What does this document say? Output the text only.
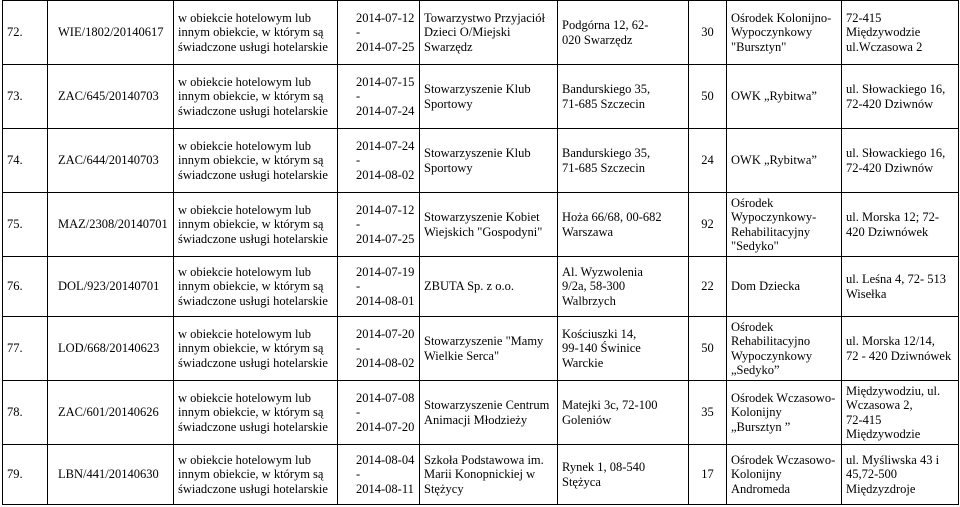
72.	WIE/1802/20140617	w obiekcie hotelowym lub
innym obiekcie, w którym są
świadczone usługi hotelarskie	2014-07-12 -
2014-07-25	Towarzystwo Przyjaciół
Dzieci O/Miejski
Swarzędz	Podgórna 12, 62-
020 Swarzędz	30	Ośrodek Kolonijno-
Wypoczynkowy
"Bursztyn"	72-415
Międzywodzie
ul.Wczasowa 2
73.	ZAC/645/20140703	w obiekcie hotelowym lub
innym obiekcie, w którym są
świadczone usługi hotelarskie	2014-07-15 -
2014-07-24	Stowarzyszenie Klub
Sportowy	Bandurskiego 35,
71-685 Szczecin	50	OWK „Rybitwa”	ul. Słowackiego 16,
72-420 Dziwnów
74.	ZAC/644/20140703	w obiekcie hotelowym lub
innym obiekcie, w którym są
świadczone usługi hotelarskie	2014-07-24 -
2014-08-02	Stowarzyszenie Klub
Sportowy	Bandurskiego 35,
71-685 Szczecin	24	OWK „Rybitwa”	ul. Słowackiego 16,
72-420 Dziwnów
75.	MAZ/2308/20140701	w obiekcie hotelowym lub
innym obiekcie, w którym są
świadczone usługi hotelarskie	2014-07-12 -
2014-07-25	Stowarzyszenie Kobiet
Wiejskich "Gospodyni"	Hoża 66/68, 00-682
Warszawa	92	Ośrodek
Wypoczynkowy-
Rehabilitacyjny
"Sedyko"	ul. Morska 12; 72-
420 Dziwnówek
76.	DOL/923/20140701	w obiekcie hotelowym lub
innym obiekcie, w którym są
świadczone usługi hotelarskie	2014-07-19 -
2014-08-01	ZBUTA Sp. z o.o.	Al. Wyzwolenia
9/2a, 58-300
Walbrzych	22	Dom Dziecka	ul. Leśna 4, 72- 513
Wisełka
77.	LOD/668/20140623	w obiekcie hotelowym lub
innym obiekcie, w którym są
świadczone usługi hotelarskie	2014-07-20 -
2014-08-02	Stowarzyszenie "Mamy
Wielkie Serca"	Kościuszki 14,
99-140 Świnice
Warckie	50	Ośrodek
Rehabilitacyjno
Wypoczynkowy
„Sedyko”	ul. Morska 12/14,
72 - 420 Dziwnówek
78.	ZAC/601/20140626	w obiekcie hotelowym lub
innym obiekcie, w którym są
świadczone usługi hotelarskie	2014-07-08 -
2014-07-20	Stowarzyszenie Centrum
Animacji Młodzieży	Matejki 3c, 72-100
Goleniów	35	Ośrodek Wczasowo-
Kolonijny
„Bursztyn ”	Międzywodziu, ul.
Wczasowa 2,
72-415
Międzywodzie
79.	LBN/441/20140630	w obiekcie hotelowym lub
innym obiekcie, w którym są
świadczone usługi hotelarskie	2014-08-04 -
2014-08-11	Szkoła Podstawowa im.
Marii Konopnickiej w
Stężycy	Rynek 1, 08-540
Stężyca	17	Ośrodek Wczasowo-
Kolonijny
Andromeda	ul. Myśliwska 43 i
45,72-500
Międzyzdroje
